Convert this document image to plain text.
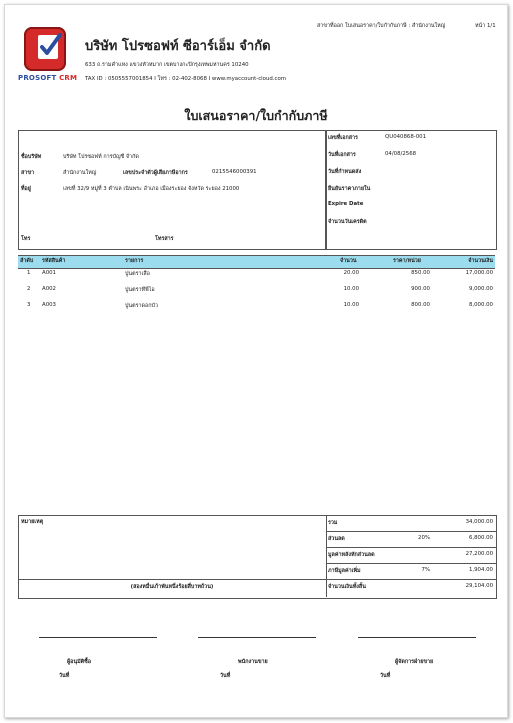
สาขาที่ออก ใบเสนอราคา/ใบกำกับภาษี : สำนักงานใหญ่	หน้า 1/1
PROSOFT CRM
บริษัท โปรซอฟท์ ซีอาร์เอ็ม จำกัด
633 ถ.รามคำแหง แขวงหัวหมาก เขตบางกะปิกรุงเทพมหานคร 10240
TAX ID : 0505557001854 I โทร : 02-402-8068 I www.myaccount-cloud.com
ใบเสนอราคา/ใบกำกับภาษี
ชื่อบริษัท	บริษัท โปรซอฟท์ การบัญชี จำกัด
สาขา	สำนักงานใหญ่	เลขประจำตัวผู้เสียภาษีอากร	0215546000391
ที่อยู่	เลขที่ 32/9 หมู่ที่ 3 ตำบล เนินพระ อำเภอ เมืองระยอง จังหวัด ระยอง 21000
โทร	โทรสาร
เลขที่เอกสาร	QU040868-001
วันที่เอกสาร	04/08/2568
วันที่กำหนดส่ง
ยืนยันราคาภายใน
Expire Date
จำนวนวันเครดิต
ลำดับ รหัสสินค้า	รายการ	จำนวน	ราคา/หน่วย	จำนวนเงิน
1 A001	ปูนตราเสือ	20.00	850.00	17,000.00
2 A002	ปูนตราทีพีไอ	10.00	900.00	9,000.00
3 A003	ปูนตราดอกบัว	10.00	800.00	8,000.00
หมายเหตุ
(สองหมื่นเก้าพันหนึ่งร้อยสี่บาทถ้วน)
รวม	34,000.00
ส่วนลด	20%	6,800.00
มูลค่าหลังหักส่วนลด	27,200.00
ภาษีมูลค่าเพิ่ม	7%	1,904.00
จำนวนเงินทั้งสิ้น	29,104.00
ผู้อนุมัติซื้อ
วันที่
พนักงานขาย
วันที่
ผู้จัดการฝ่ายขาย
วันที่
